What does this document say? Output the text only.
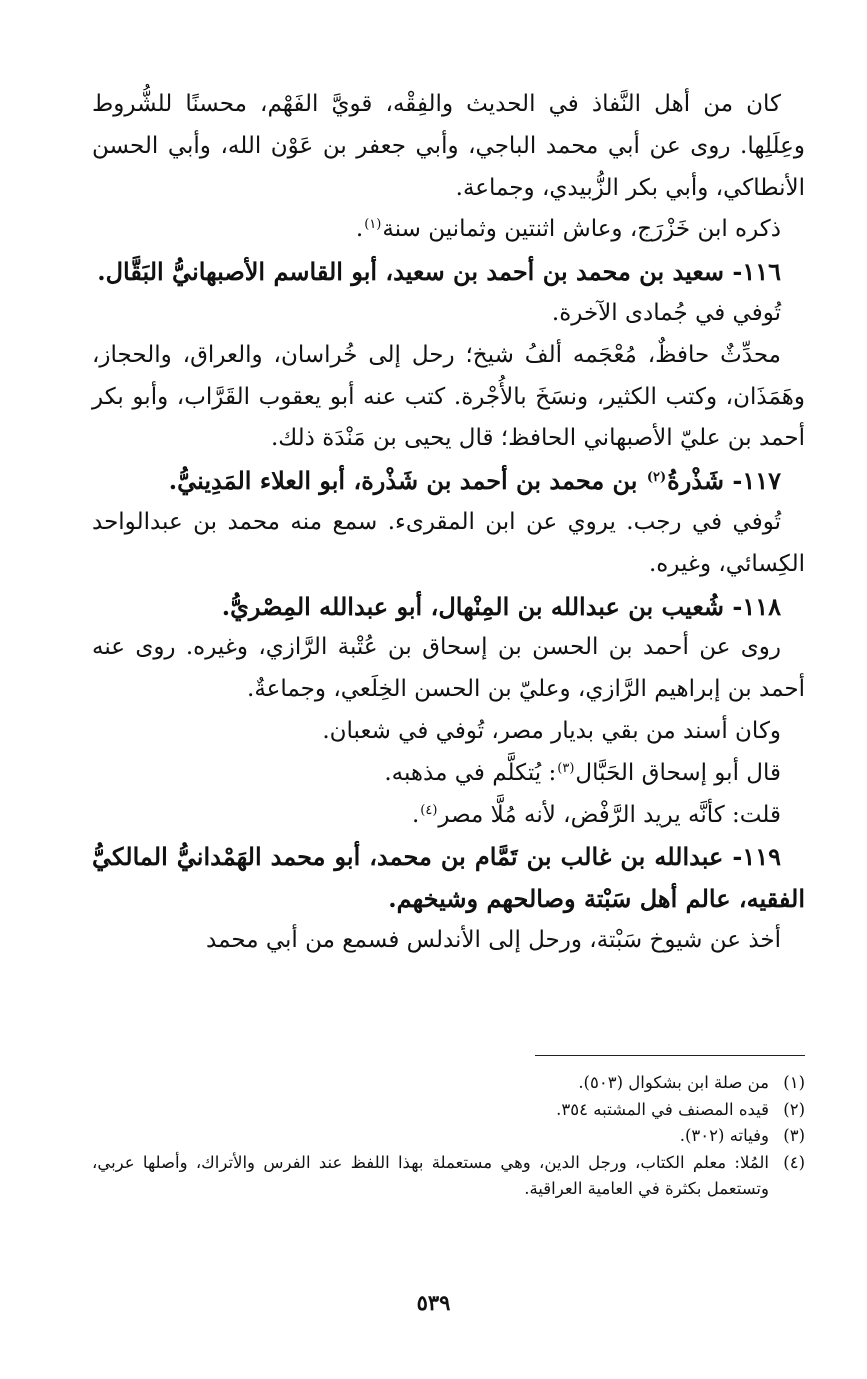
كان من أهل النَّفاذ في الحديث والفِقْه، قويَّ الفَهْم، محسنًا للشُّروط وعِلَلِها. روى عن أبي محمد الباجي، وأبي جعفر بن عَوْن الله، وأبي الحسن الأنطاكي، وأبي بكر الزُّبيدي، وجماعة.

ذكره ابن خَزْرَج، وعاش اثنتين وثمانين سنة$^{(١)}$.

١١٦- سعيد بن محمد بن أحمد بن سعيد، أبو القاسم الأصبهانيُّ البَقَّال.

تُوفي في جُمادى الآخرة.

محدِّثٌ حافظٌ، مُعْجَمه ألفُ شيخ؛ رحل إلى خُراسان، والعراق، والحجاز، وهَمَذَان، وكتب الكثير، ونسَخَ بالأُجْرة. كتب عنه أبو يعقوب القَرَّاب، وأبو بكر أحمد بن عليّ الأصبهاني الحافظ؛ قال يحيى بن مَنْدَة ذلك.

١١٧- شَذْرةُ$^{(٢)}$ بن محمد بن أحمد بن شَذْرة، أبو العلاء المَدِينيُّ.

تُوفي في رجب. يروي عن ابن المقرىء. سمع منه محمد بن عبدالواحد الكِسائي، وغيره.

١١٨- شُعيب بن عبدالله بن المِنْهال، أبو عبدالله المِصْريُّ.

روى عن أحمد بن الحسن بن إسحاق بن عُتْبة الرَّازي، وغيره. روى عنه أحمد بن إبراهيم الرَّازي، وعليّ بن الحسن الخِلَعي، وجماعةٌ.

وكان أسند من بقي بديار مصر، تُوفي في شعبان.

قال أبو إسحاق الحَبَّال$^{(٣)}$: يُتكلَّم في مذهبه.

قلت: كأنَّه يريد الرَّفْض، لأنه مُلَّا مصر$^{(٤)}$.

١١٩- عبدالله بن غالب بن تَمَّام بن محمد، أبو محمد الهَمْدانيُّ المالكيُّ الفقيه، عالم أهل سَبْتة وصالحهم وشيخهم.

أخذ عن شيوخ سَبْتة، ورحل إلى الأندلس فسمع من أبي محمد

(١)
من صلة ابن بشكوال (٥٠٣).
(٢)
قيده المصنف في المشتبه ٣٥٤.
(٣)
وفياته (٣٠٢).
(٤)
المُلا: معلم الكتاب، ورجل الدين، وهي مستعملة بهذا اللفظ عند الفرس والأتراك، وأصلها عربي، وتستعمل بكثرة في العامية العراقية.
٥٣٩
